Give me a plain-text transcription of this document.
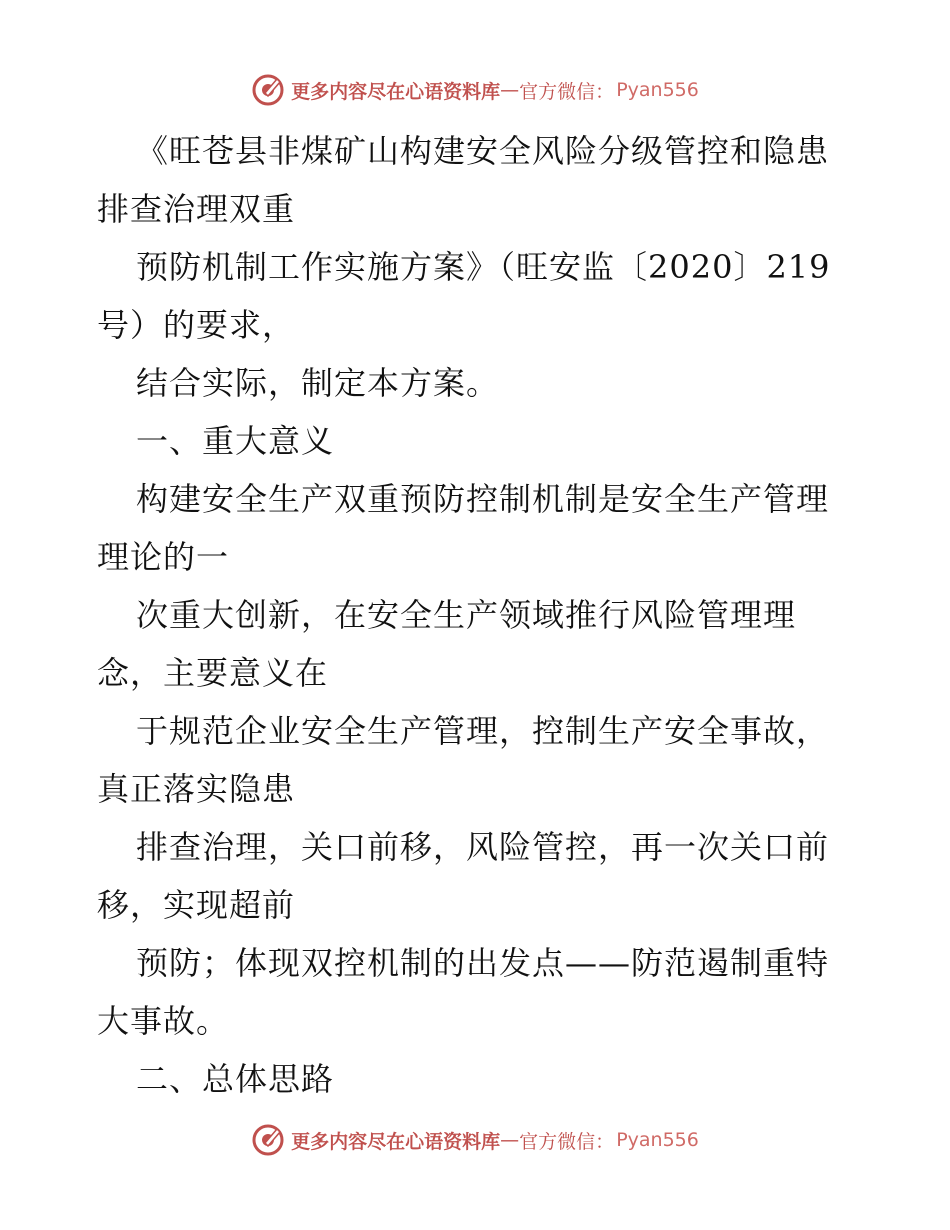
更多内容尽在心语资料库 — 官方微信： Pyan556
《旺苍县非煤矿山构建安全风险分级管控和隐患
排查治理双重
预防机制工作实施方案》（旺安监〔2020〕219
号）的要求，
结合实际，制定本方案。
一、重大意义
构建安全生产双重预防控制机制是安全生产管理
理论的一
次重大创新，在安全生产领域推行风险管理理
念，主要意义在
于规范企业安全生产管理，控制生产安全事故，
真正落实隐患
排查治理，关口前移，风险管控，再一次关口前
移，实现超前
预防；体现双控机制的出发点——防范遏制重特
大事故。
二、总体思路
更多内容尽在心语资料库 — 官方微信： Pyan556
